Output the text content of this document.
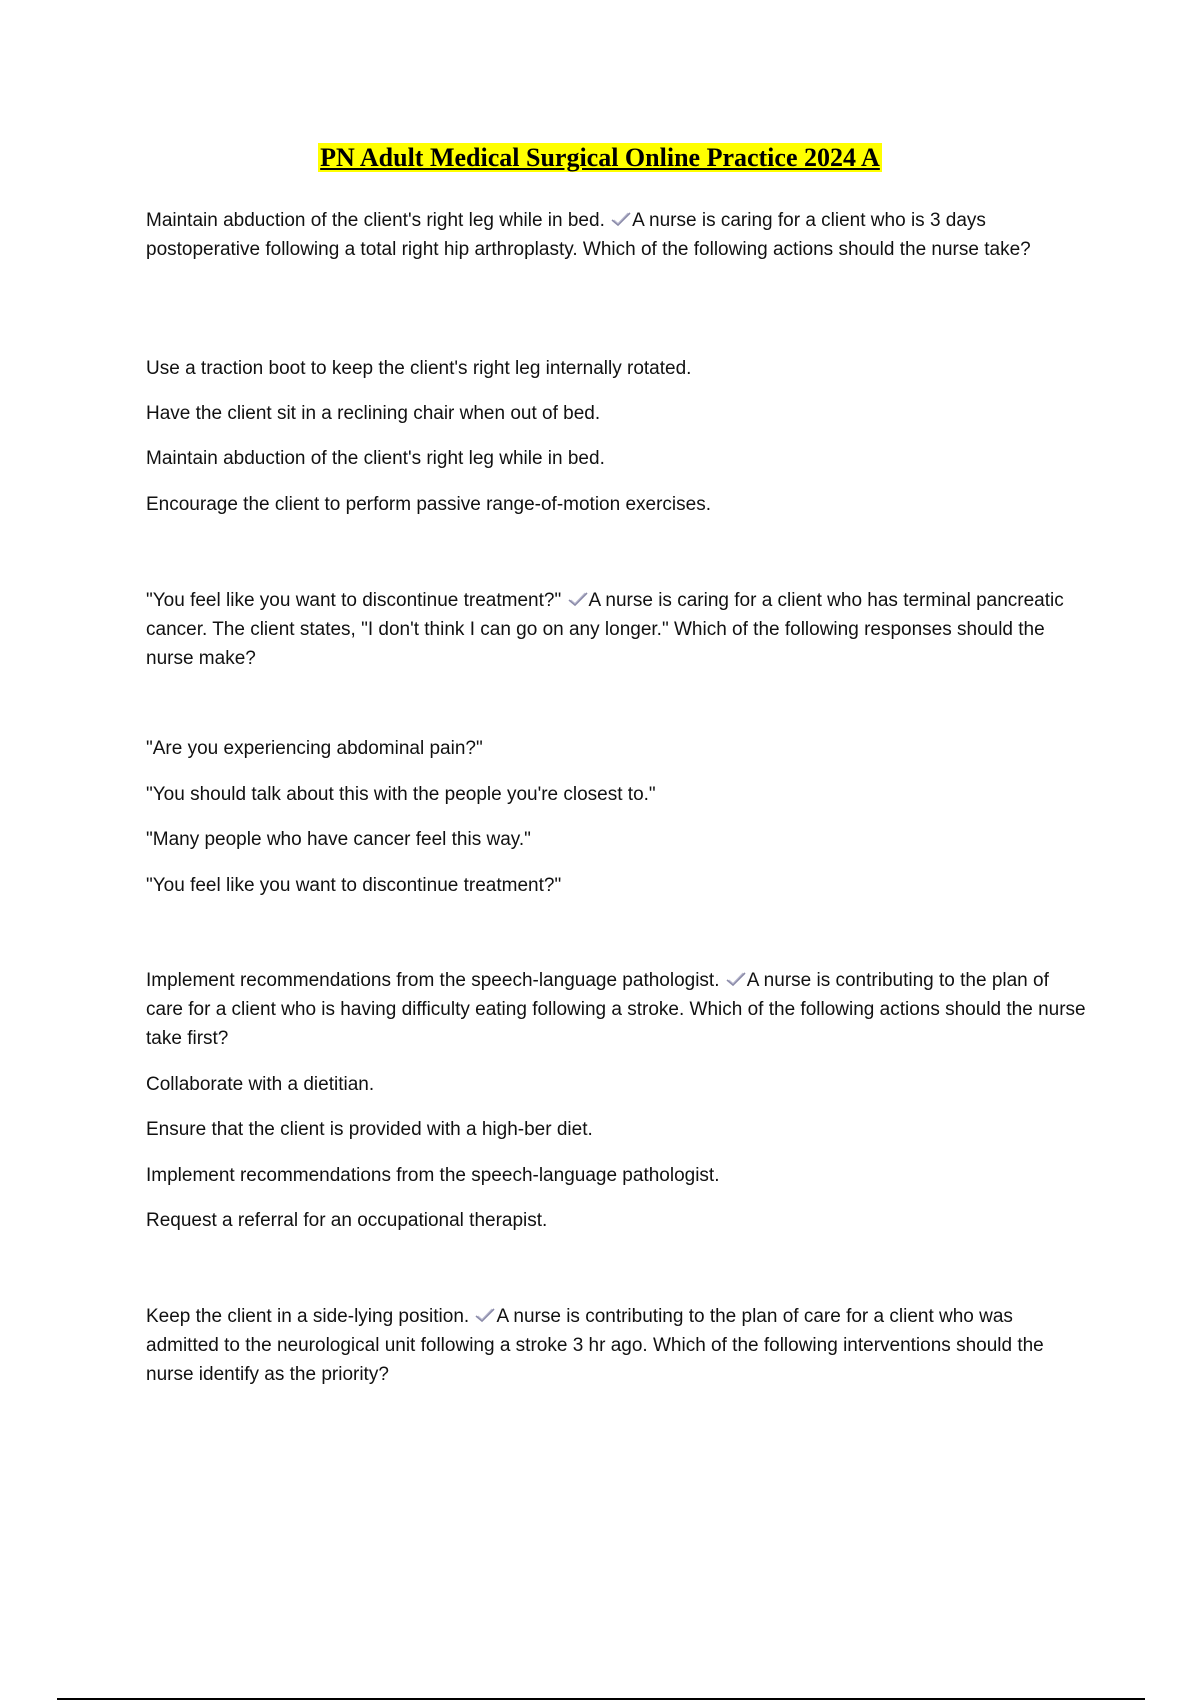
PN Adult Medical Surgical Online Practice 2024 A

Maintain abduction of the client's right leg while in bed. A nurse is caring for a client who is 3 days postoperative following a total right hip arthroplasty. Which of the following actions should the nurse take?

Use a traction boot to keep the client's right leg internally rotated.

Have the client sit in a reclining chair when out of bed.

Maintain abduction of the client's right leg while in bed.

Encourage the client to perform passive range-of-motion exercises.

"You feel like you want to discontinue treatment?" A nurse is caring for a client who has terminal pancreatic cancer. The client states, "I don't think I can go on any longer." Which of the following responses should the nurse make?

"Are you experiencing abdominal pain?"

"You should talk about this with the people you're closest to."

"Many people who have cancer feel this way."

"You feel like you want to discontinue treatment?"

Implement recommendations from the speech-language pathologist. A nurse is contributing to the plan of care for a client who is having difficulty eating following a stroke. Which of the following actions should the nurse take first?

Collaborate with a dietitian.

Ensure that the client is provided with a high-ber diet.

Implement recommendations from the speech-language pathologist.

Request a referral for an occupational therapist.

Keep the client in a side-lying position. A nurse is contributing to the plan of care for a client who was admitted to the neurological unit following a stroke 3 hr ago. Which of the following interventions should the nurse identify as the priority?
